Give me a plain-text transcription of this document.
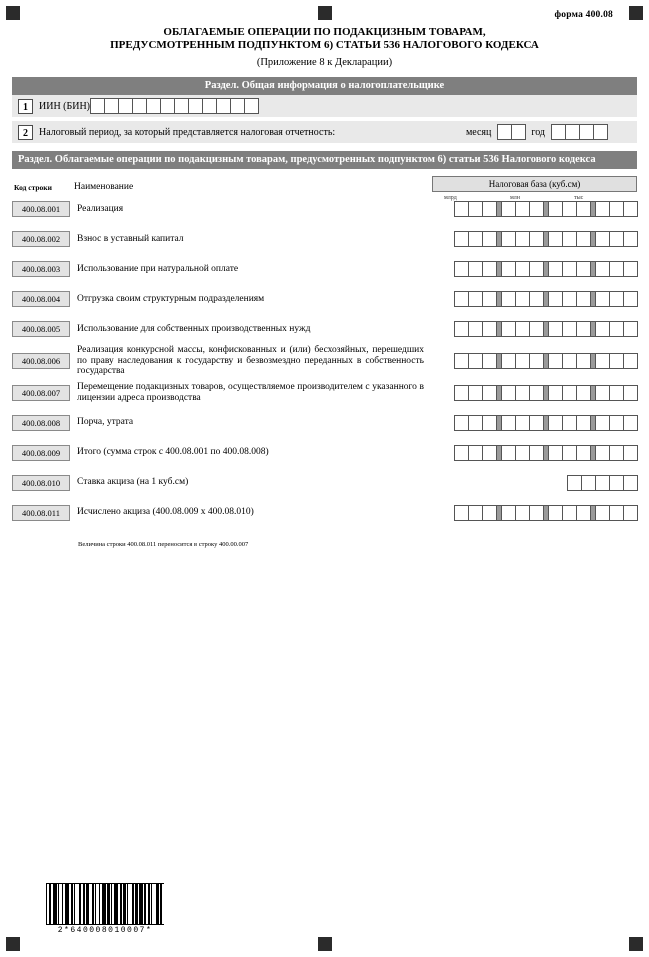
форма 400.08
ОБЛАГАЕМЫЕ ОПЕРАЦИИ ПО ПОДАКЦИЗНЫМ ТОВАРАМ,
ПРЕДУСМОТРЕННЫМ ПОДПУНКТОМ 6) СТАТЬИ 536 НАЛОГОВОГО КОДЕКСА
(Приложение 8 к Декларации)
Раздел. Общая информация о налогоплательщике
1	ИИН (БИН)
2	Налоговый период, за который представляется налоговая отчетность:	месяц	год
Раздел. Облагаемые операции по подакцизным товарам, предусмотренных подпунктом 6) статьи 536 Налогового кодекса
Код строки	Наименование	Налоговая база (куб.см)
млрд	млн	тыс
400.08.001	Реализация
400.08.002	Взнос в уставный капитал
400.08.003	Использование при натуральной оплате
400.08.004	Отгрузка своим структурным подразделениям
400.08.005	Использование для собственных производственных нужд
400.08.006
Реализация конкурсной массы, конфискованных и (или) бесхозяйных, перешедших по праву наследования к государству и безвозмездно переданных в собственность государства
400.08.007
Перемещение подакцизных товаров, осуществляемое производителем с указанного в лицензии адреса производства
400.08.008	Порча, утрата
400.08.009	Итого (сумма строк с 400.08.001 по 400.08.008)
400.08.010	Ставка акциза (на 1 куб.см)
400.08.011	Исчислено акциза (400.08.009 х 400.08.010)
Величина строки 400.08.011 переносится в строку 400.00.007
2*640008010007*
